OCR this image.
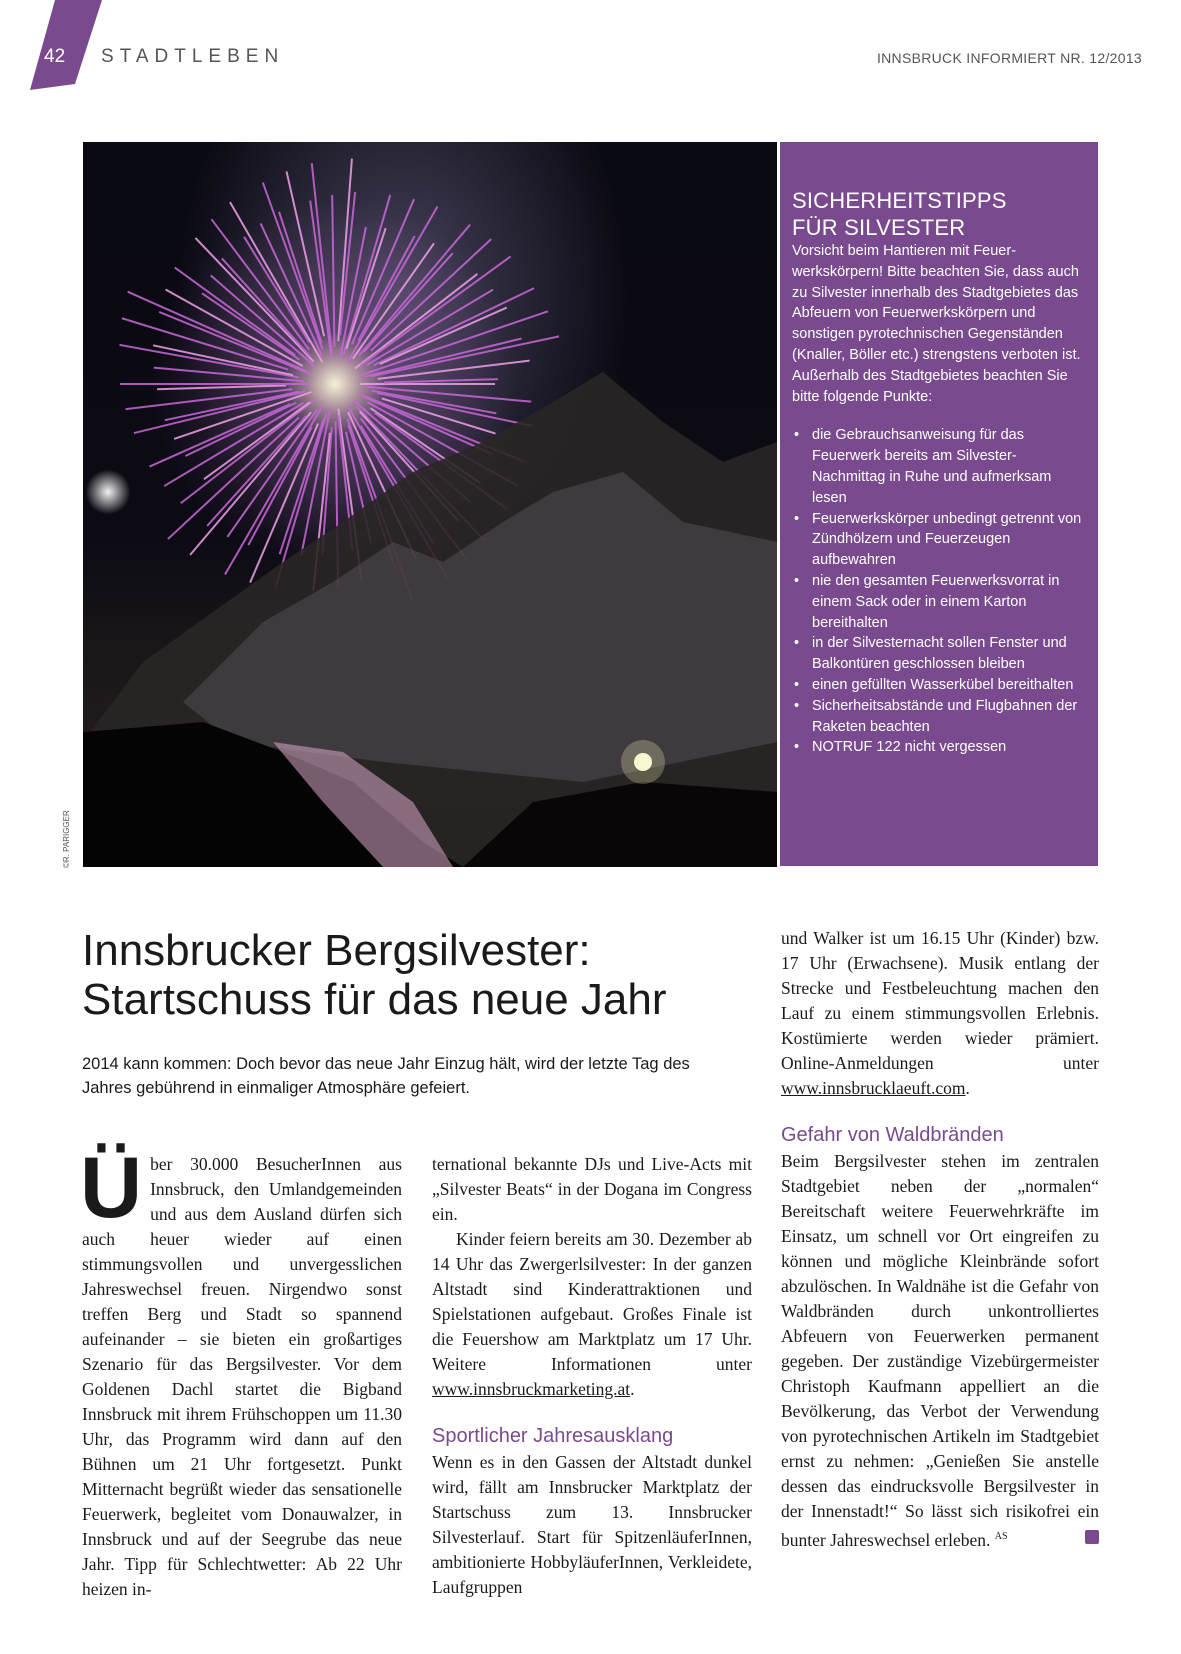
42 STADTLEBEN	INNSBRUCK INFORMIERT NR. 12/2013
©R. PARIGGER
SICHERHEITSTIPPS
FÜR SILVESTER

Vorsicht beim Hantieren mit Feuer-werkskörpern! Bitte beachten Sie, dass auch zu Silvester innerhalb des Stadtgebietes das Abfeuern von Feuerwerkskörpern und sonstigen pyrotechnischen Gegenständen (Knaller, Böller etc.) strengstens verboten ist. Außerhalb des Stadtgebietes beachten Sie bitte folgende Punkte:

• die Gebrauchsanweisung für das Feuerwerk bereits am Silvester-Nachmittag in Ruhe und aufmerksam lesen
• Feuerwerkskörper unbedingt getrennt von Zündhölzern und Feuerzeugen aufbewahren
• nie den gesamten Feuerwerksvorrat in einem Sack oder in einem Karton bereithalten
• in der Silvesternacht sollen Fenster und Balkontüren geschlossen bleiben
• einen gefüllten Wasserkübel bereithalten
• Sicherheitsabstände und Flugbahnen der Raketen beachten
• NOTRUF 122 nicht vergessen
Innsbrucker Bergsilvester:
Startschuss für das neue Jahr

2014 kann kommen: Doch bevor das neue Jahr Einzug hält, wird der letzte Tag des Jahres gebührend in einmaliger Atmosphäre gefeiert.

Ü ber 30.000 BesucherInnen aus Innsbruck, den Umlandgemeinden und aus dem Ausland dürfen sich auch heuer wieder auf einen stimmungsvollen und unvergesslichen Jahreswechsel freuen. Nirgendwo sonst treffen Berg und Stadt so spannend aufeinander – sie bieten ein großartiges Szenario für das Bergsilvester. Vor dem Goldenen Dachl startet die Bigband Innsbruck mit ihrem Frühschoppen um 11.30 Uhr, das Programm wird dann auf den Bühnen um 21 Uhr fortgesetzt. Punkt Mitternacht begrüßt wieder das sensationelle Feuerwerk, begleitet vom Donauwalzer, in Innsbruck und auf der Seegrube das neue Jahr. Tipp für Schlechtwetter: Ab 22 Uhr heizen in-

ternational bekannte DJs und Live-Acts mit „Silvester Beats“ in der Dogana im Congress ein.

Kinder feiern bereits am 30. Dezember ab 14 Uhr das Zwergerlsilvester: In der ganzen Altstadt sind Kinderattraktionen und Spielstationen aufgebaut. Großes Finale ist die Feuershow am Marktplatz um 17 Uhr. Weitere Informationen unter www.innsbruckmarketing.at.

Sportlicher Jahresausklang

Wenn es in den Gassen der Altstadt dunkel wird, fällt am Innsbrucker Marktplatz der Startschuss zum 13. Innsbrucker Silvesterlauf. Start für SpitzenläuferInnen, ambitionierte HobbyläuferInnen, Verkleidete, Laufgruppen

und Walker ist um 16.15 Uhr (Kinder) bzw. 17 Uhr (Erwachsene). Musik entlang der Strecke und Festbeleuchtung machen den Lauf zu einem stimmungsvollen Erlebnis. Kostümierte werden wieder prämiert. Online-Anmeldungen unter www.innsbrucklaeuft.com.

Gefahr von Waldbränden

Beim Bergsilvester stehen im zentralen Stadtgebiet neben der „normalen“ Bereitschaft weitere Feuerwehrkräfte im Einsatz, um schnell vor Ort eingreifen zu können und mögliche Kleinbrände sofort abzulöschen. In Waldnähe ist die Gefahr von Waldbränden durch unkontrolliertes Abfeuern von Feuerwerken permanent gegeben. Der zuständige Vizebürgermeister Christoph Kaufmann appelliert an die Bevölkerung, das Verbot der Verwendung von pyrotechnischen Artikeln im Stadtgebiet ernst zu nehmen: „Genießen Sie anstelle dessen das eindrucksvolle Bergsilvester in der Innenstadt!“ So lässt sich risikofrei ein bunter Jahreswechsel erleben. $^{AS}$
